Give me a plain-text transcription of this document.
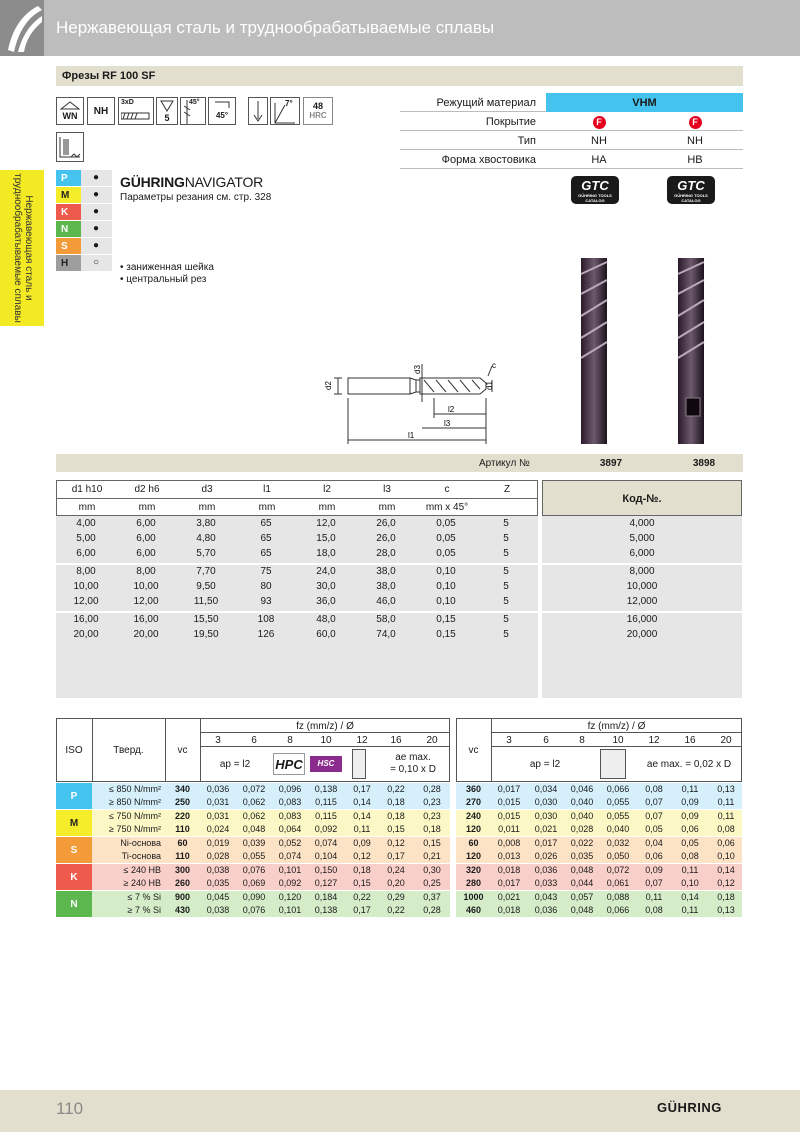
Нержавеющая сталь и труднообрабатываемые сплавы
Нержавеющая сталь и труднообрабатываемые сплавы
Фрезы RF 100 SF
WN	NH
3xD
5
45°
45°
7°	48
HRC
Режущий материал	VHM
Покрытие	F	F
Тип	NH	NH
Форма хвостовика	HA	HB
GTC
GÜHRING TOOLS CATALOG
GTC
GÜHRING TOOLS CATALOG
P	●
M	●
K	●
N	●
S	●
H	○
GÜHRINGNAVIGATOR
Параметры резания см. стр. 328
• заниженная шейка
• центральный рез
d2
d3	c
d1
l1
l2
l3
Артикул №	3897	3898
d1 h10
mm
d2 h6
mm
d3
mm
l1
mm
l2
mm
l3
mm
c
mm x 45°
Z
Код-№.
4,00	6,00	3,80	65	12,0	26,0	0,05	5	4,000
5,00	6,00	4,80	65	15,0	26,0	0,05	5	5,000
6,00	6,00	5,70	65	18,0	28,0	0,05	5	6,000
8,00	8,00	7,70	75	24,0	38,0	0,10	5	8,000
10,00	10,00	9,50	80	30,0	38,0	0,10	5	10,000
12,00	12,00	11,50	93	36,0	46,0	0,10	5	12,000
16,00	16,00	15,50	108	48,0	58,0	0,15	5	16,000
20,00	20,00	19,50	126	60,0	74,0	0,15	5	20,000
ISO	Тверд.	vc	vc
fz (mm/z) / Ø	fz (mm/z) / Ø
3	3
6	6
8	8
10	10
12	12
16	16
20	20
ap = l2	HPC	HSC
ae max.
= 0,10 x D	ap = l2	ae max. = 0,02 x D
P
≤ 850 N/mm²	340	0,036	0,072	0,096	0,138	0,17	0,22	0,28	360	0,017	0,034	0,046	0,066	0,08	0,11	0,13
≥ 850 N/mm²	250	0,031	0,062	0,083	0,115	0,14	0,18	0,23	270	0,015	0,030	0,040	0,055	0,07	0,09	0,11
M
≤ 750 N/mm²	220	0,031	0,062	0,083	0,115	0,14	0,18	0,23	240	0,015	0,030	0,040	0,055	0,07	0,09	0,11
≥ 750 N/mm²	110	0,024	0,048	0,064	0,092	0,11	0,15	0,18	120	0,011	0,021	0,028	0,040	0,05	0,06	0,08
S
Ni-основа	60	0,019	0,039	0,052	0,074	0,09	0,12	0,15	60	0,008	0,017	0,022	0,032	0,04	0,05	0,06
Ti-основа	110	0,028	0,055	0,074	0,104	0,12	0,17	0,21	120	0,013	0,026	0,035	0,050	0,06	0,08	0,10
K
≤ 240 HB	300	0,038	0,076	0,101	0,150	0,18	0,24	0,30	320	0,018	0,036	0,048	0,072	0,09	0,11	0,14
≥ 240 HB	260	0,035	0,069	0,092	0,127	0,15	0,20	0,25	280	0,017	0,033	0,044	0,061	0,07	0,10	0,12
N
≤ 7 % Si	900	0,045	0,090	0,120	0,184	0,22	0,29	0,37	1000	0,021	0,043	0,057	0,088	0,11	0,14	0,18
≥ 7 % Si	430	0,038	0,076	0,101	0,138	0,17	0,22	0,28	460	0,018	0,036	0,048	0,066	0,08	0,11	0,13
110	GÜHRING
